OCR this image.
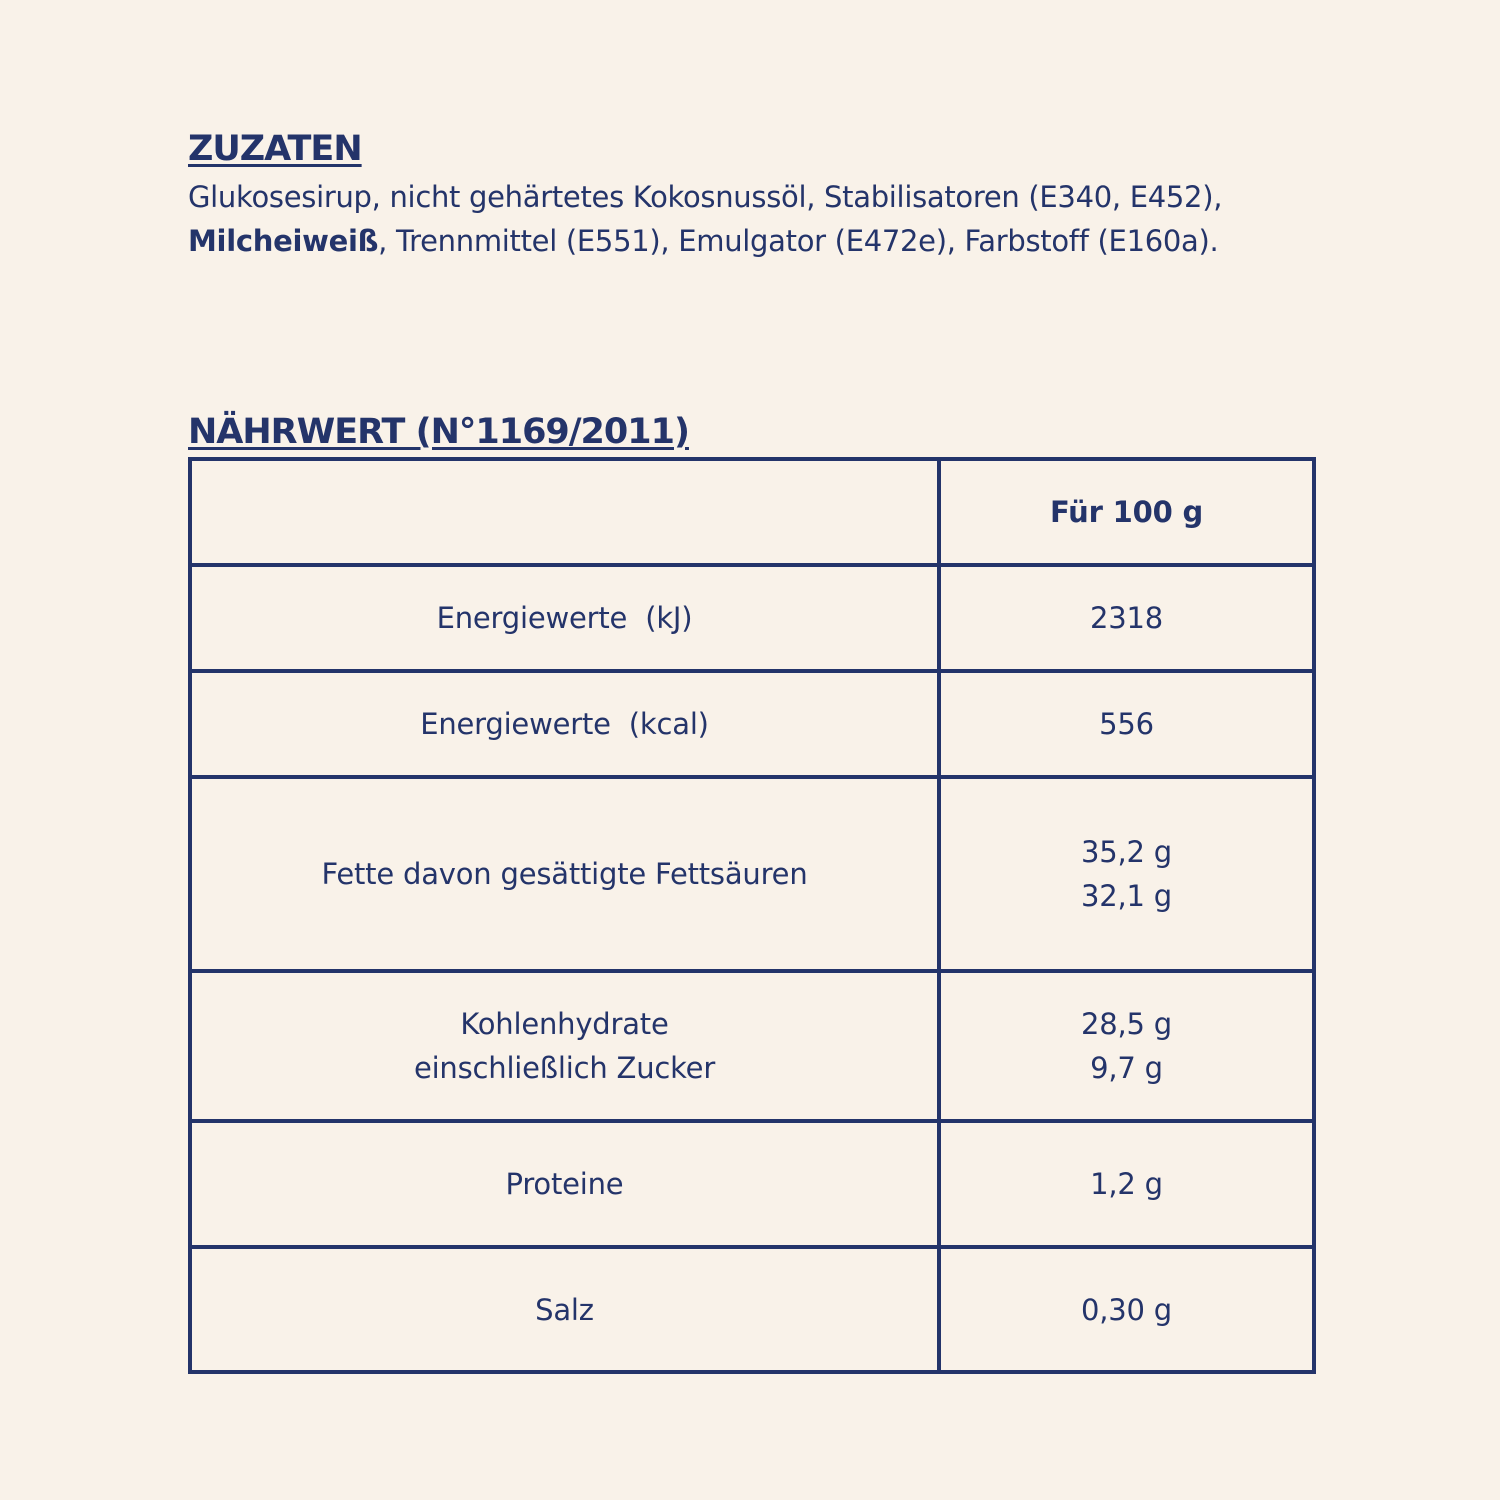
ZUZATEN

Glukosesirup, nicht gehärtetes Kokosnussöl, Stabilisatoren (E340, E452), Milcheiweiß, Trennmittel (E551), Emulgator (E472e), Farbstoff (E160a).

NÄHRWERT (N°1169/2011)
	Für 100 g

Energiewerte  (kJ)	2318

Energiewerte  (kcal)	556

Fette davon gesättigte Fettsäuren	35,2 g
32,1 g

Kohlenhydrate
einschließlich Zucker	28,5 g
9,7 g

Proteine	1,2 g

Salz	0,30 g
